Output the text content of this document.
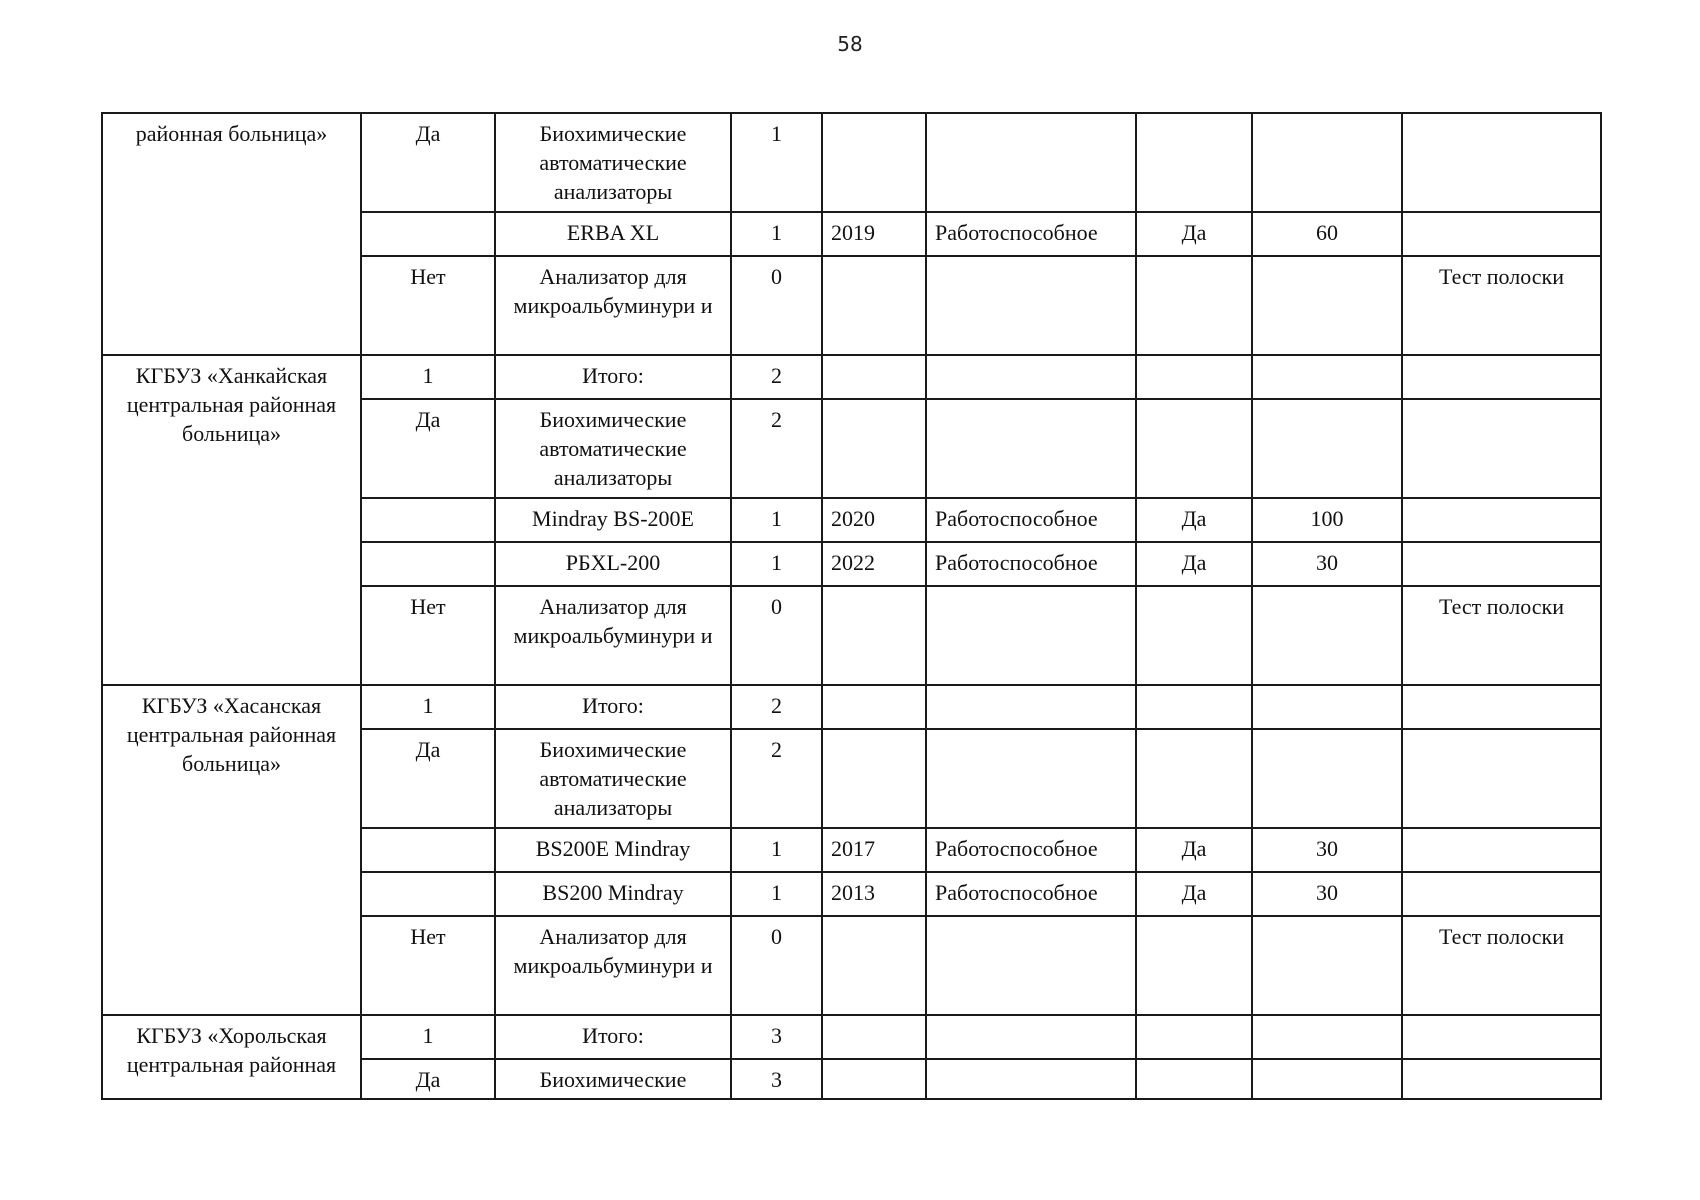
58
районная больница»	Да	Биохимические автоматические анализаторы	1					
		ERBA XL	1	2019	Работоспособное	Да	60	
	Нет	Анализатор для микроальбуминури и	0					Тест полоски
КГБУЗ «Ханкайская центральная районная больница»	1	Итого:	2					
	Да	Биохимические автоматические анализаторы	2					
		Mindray BS-200E	1	2020	Работоспособное	Да	100	
		РБXL-200	1	2022	Работоспособное	Да	30	
	Нет	Анализатор для микроальбуминури и	0					Тест полоски
КГБУЗ «Хасанская центральная районная больница»	1	Итого:	2					
	Да	Биохимические автоматические анализаторы	2					
		BS200E Mindray	1	2017	Работоспособное	Да	30	
		BS200 Mindray	1	2013	Работоспособное	Да	30	
	Нет	Анализатор для микроальбуминури и	0					Тест полоски
КГБУЗ «Хорольская центральная районная	1	Итого:	3					
	Да	Биохимические	3					
